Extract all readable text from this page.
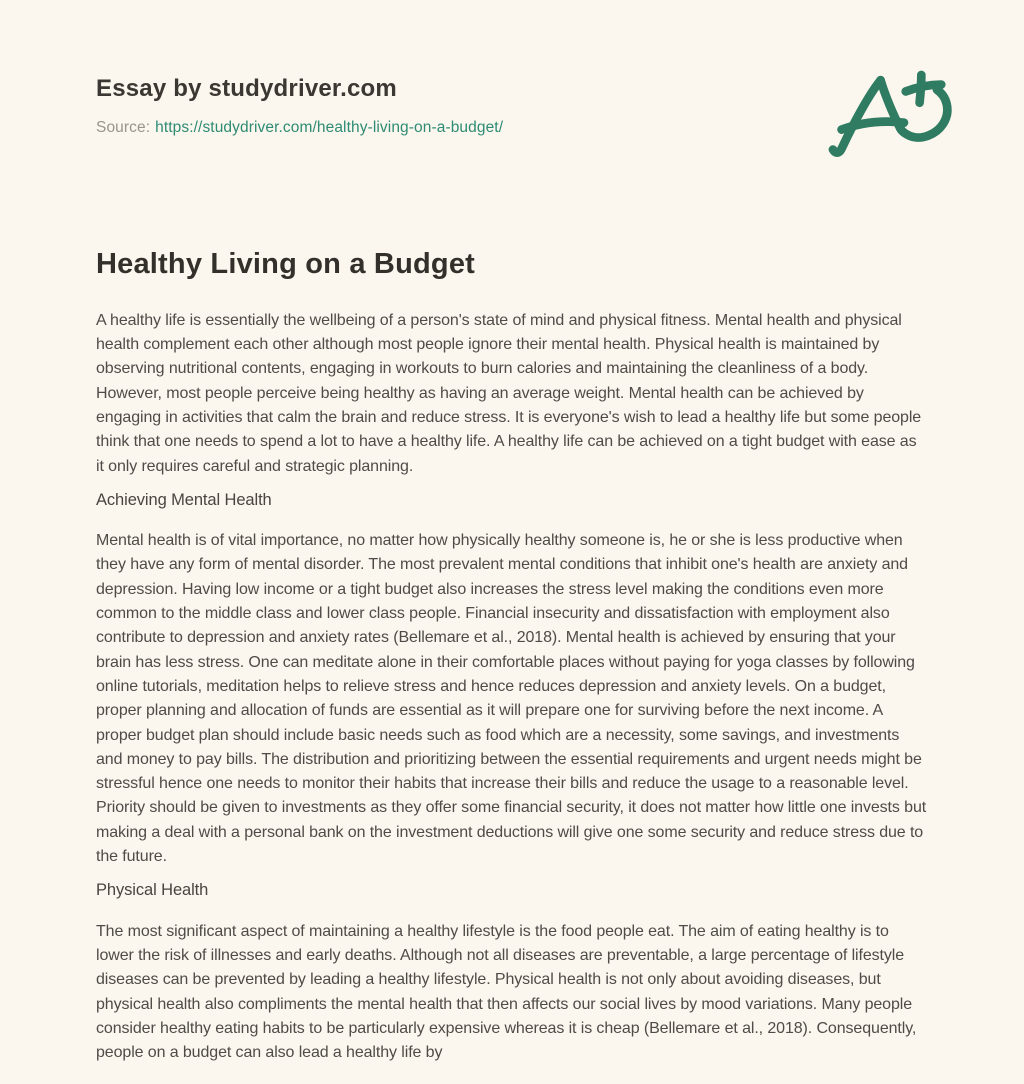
Essay by studydriver.com

Source: https://studydriver.com/healthy-living-on-a-budget/

Healthy Living on a Budget

A healthy life is essentially the wellbeing of a person's state of mind and physical fitness. Mental health and physical health complement each other although most people ignore their mental health. Physical health is maintained by observing nutritional contents, engaging in workouts to burn calories and maintaining the cleanliness of a body. However, most people perceive being healthy as having an average weight. Mental health can be achieved by engaging in activities that calm the brain and reduce stress. It is everyone's wish to lead a healthy life but some people think that one needs to spend a lot to have a healthy life. A healthy life can be achieved on a tight budget with ease as it only requires careful and strategic planning.

Achieving Mental Health

Mental health is of vital importance, no matter how physically healthy someone is, he or she is less productive when they have any form of mental disorder. The most prevalent mental conditions that inhibit one's health are anxiety and depression. Having low income or a tight budget also increases the stress level making the conditions even more common to the middle class and lower class people. Financial insecurity and dissatisfaction with employment also contribute to depression and anxiety rates (Bellemare et al., 2018). Mental health is achieved by ensuring that your brain has less stress. One can meditate alone in their comfortable places without paying for yoga classes by following online tutorials, meditation helps to relieve stress and hence reduces depression and anxiety levels. On a budget, proper planning and allocation of funds are essential as it will prepare one for surviving before the next income. A proper budget plan should include basic needs such as food which are a necessity, some savings, and investments and money to pay bills. The distribution and prioritizing between the essential requirements and urgent needs might be stressful hence one needs to monitor their habits that increase their bills and reduce the usage to a reasonable level. Priority should be given to investments as they offer some financial security, it does not matter how little one invests but making a deal with a personal bank on the investment deductions will give one some security and reduce stress due to the future.

Physical Health

The most significant aspect of maintaining a healthy lifestyle is the food people eat. The aim of eating healthy is to lower the risk of illnesses and early deaths. Although not all diseases are preventable, a large percentage of lifestyle diseases can be prevented by leading a healthy lifestyle. Physical health is not only about avoiding diseases, but physical health also compliments the mental health that then affects our social lives by mood variations. Many people consider healthy eating habits to be particularly expensive whereas it is cheap (Bellemare et al., 2018). Consequently, people on a budget can also lead a healthy life by
